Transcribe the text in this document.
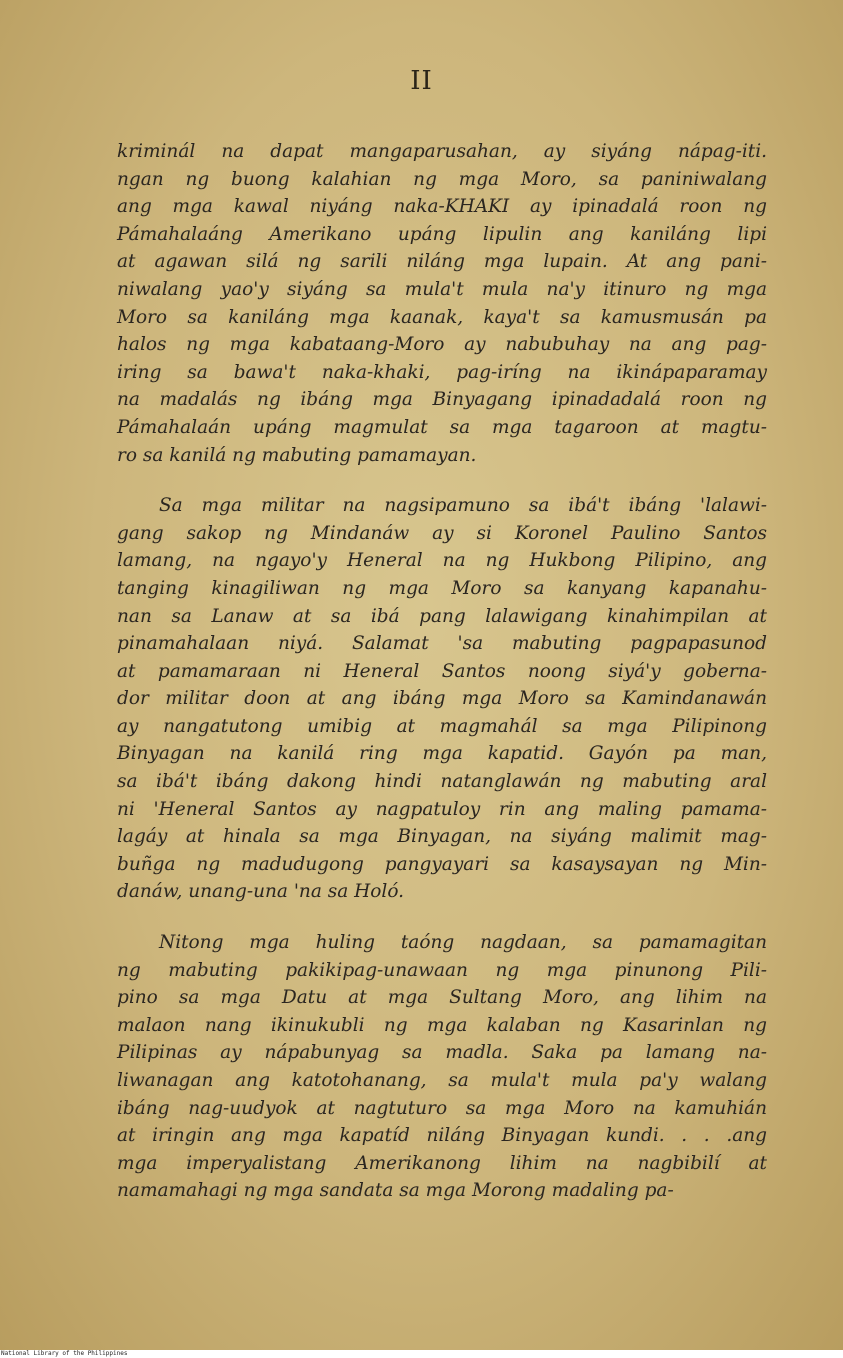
II
kriminál na dapat mangaparusahan, ay siyáng nápag-iti.
ngan ng buong kalahian ng mga Moro, sa paniniwalang
ang mga kawal niyáng naka-KHAKI ay ipinadalá roon ng
Pámahalaáng Amerikano upáng lipulin ang kaniláng lipi
at agawan silá ng sarili niláng mga lupain. At ang pani-
niwalang yao'y siyáng sa mula't mula na'y itinuro ng mga
Moro sa kaniláng mga kaanak, kaya't sa kamusmusán pa
halos ng mga kabataang-Moro ay nabubuhay na ang pag-
iring sa bawa't naka-khaki, pag-iríng na ikinápaparamay
na madalás ng ibáng mga Binyagang ipinadadalá roon ng
Pámahalaán upáng magmulat sa mga tagaroon at magtu-
ro sa kanilá ng mabuting pamamayan.
Sa mga militar na nagsipamuno sa ibá't ibáng 'lalawi-
gang sakop ng Mindanáw ay si Koronel Paulino Santos
lamang, na ngayo'y Heneral na ng Hukbong Pilipino, ang
tanging kinagiliwan ng mga Moro sa kanyang kapanahu-
nan sa Lanaw at sa ibá pang lalawigang kinahimpilan at
pinamahalaan niyá. Salamat 'sa mabuting pagpapasunod
at pamamaraan ni Heneral Santos noong siyá'y goberna-
dor militar doon at ang ibáng mga Moro sa Kamindanawán
ay nangatutong umibig at magmahál sa mga Pilipinong
Binyagan na kanilá ring mga kapatid. Gayón pa man,
sa ibá't ibáng dakong hindi natanglawán ng mabuting aral
ni 'Heneral Santos ay nagpatuloy rin ang maling pamama-
lagáy at hinala sa mga Binyagan, na siyáng malimit mag-
buñga ng madudugong pangyayari sa kasaysayan ng Min-
danáw, unang-una 'na sa Holó.
Nitong mga huling taóng nagdaan, sa pamamagitan
ng mabuting pakikipag-unawaan ng mga pinunong Pili-
pino sa mga Datu at mga Sultang Moro, ang lihim na
malaon nang ikinukubli ng mga kalaban ng Kasarinlan ng
Pilipinas ay nápabunyag sa madla. Saka pa lamang na-
liwanagan ang katotohanang, sa mula't mula pa'y walang
ibáng nag-uudyok at nagtuturo sa mga Moro na kamuhián
at iringin ang mga kapatíd niláng Binyagan kundi. . . .ang
mga imperyalistang Amerikanong lihim na nagbibilí at
namamahagi ng mga sandata sa mga Morong madaling pa-
National Library of the Philippines
